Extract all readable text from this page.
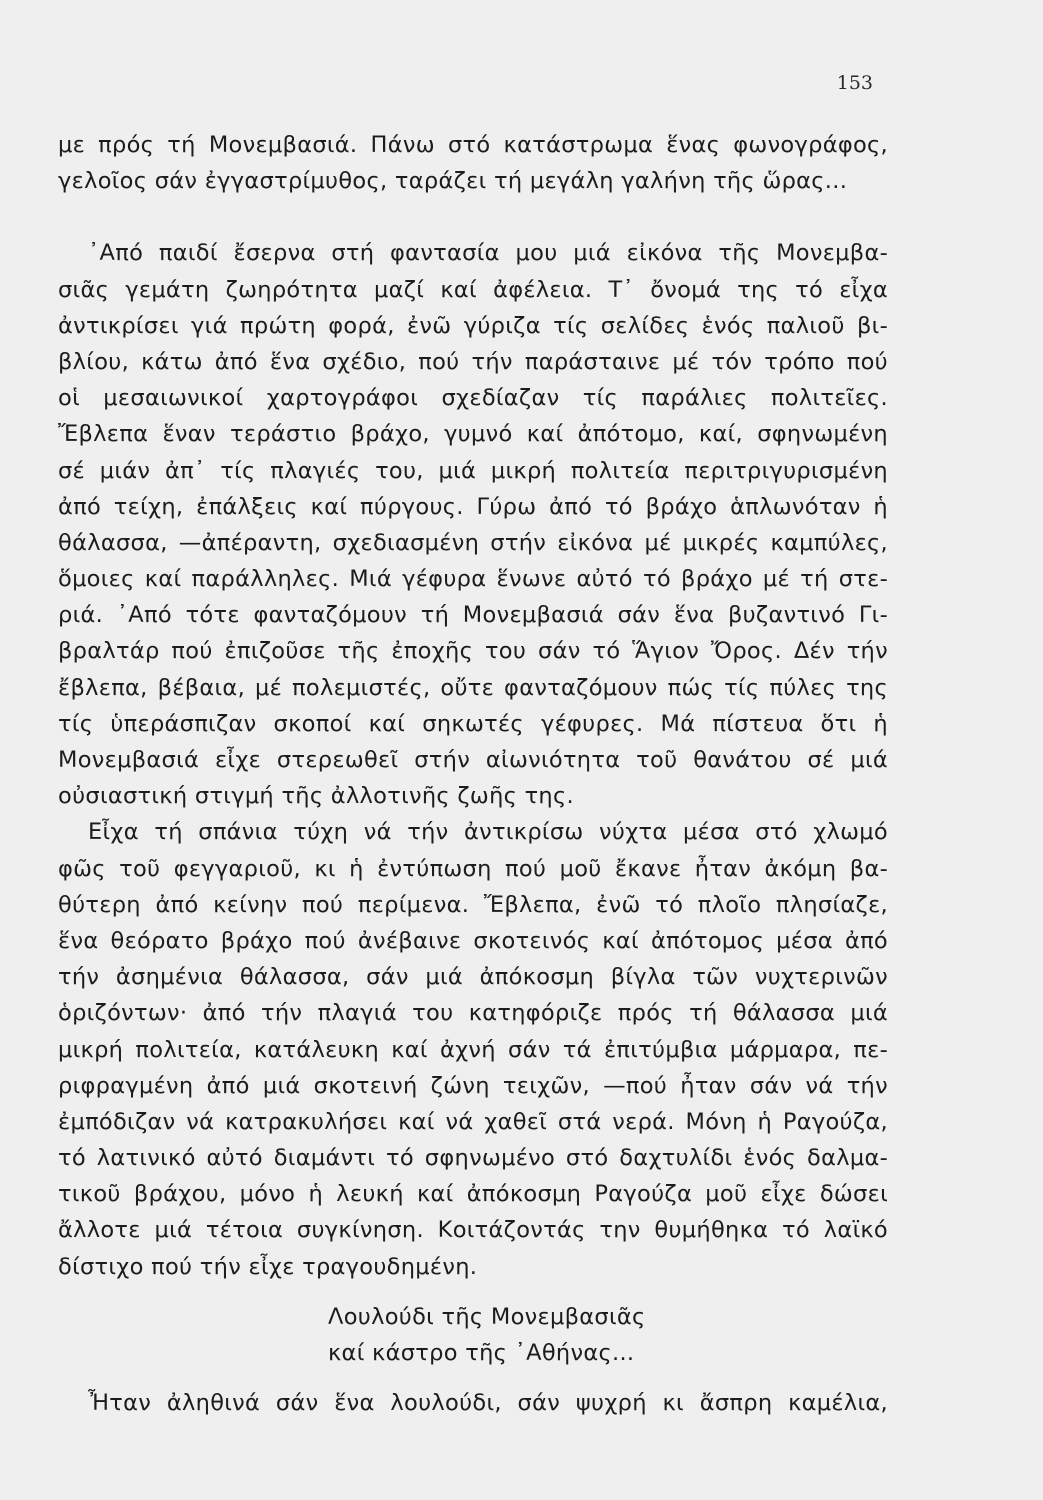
153
με πρός τή Μονεμβασιά. Πάνω στό κατάστρωμα ἕνας φωνογράφος,
γελοῖος σάν ἐγγαστρίμυθος, ταράζει τή μεγάλη γαλήνη τῆς ὥρας...
᾿Από παιδί ἔσερνα στή φαντασία μου μιά εἰκόνα τῆς Μονεμβα-
σιᾶς γεμάτη ζωηρότητα μαζί καί ἀφέλεια. Τ᾿ ὄνομά της τό εἶχα
ἀντικρίσει γιά πρώτη φορά, ἐνῶ γύριζα τίς σελίδες ἑνός παλιοῦ βι-
βλίου, κάτω ἀπό ἕνα σχέδιο, πού τήν παράσταινε μέ τόν τρόπο πού
οἱ μεσαιωνικοί χαρτογράφοι σχεδίαζαν τίς παράλιες πολιτεῖες.
Ἔβλεπα ἕναν τεράστιο βράχο, γυμνό καί ἀπότομο, καί, σφηνωμένη
σέ μιάν ἀπ᾿ τίς πλαγιές του, μιά μικρή πολιτεία περιτριγυρισμένη
ἀπό τείχη, ἐπάλξεις καί πύργους. Γύρω ἀπό τό βράχο ἁπλωνόταν ἡ
θάλασσα, —ἀπέραντη, σχεδιασμένη στήν εἰκόνα μέ μικρές καμπύλες,
ὅμοιες καί παράλληλες. Μιά γέφυρα ἕνωνε αὐτό τό βράχο μέ τή στε-
ριά. ᾿Από τότε φανταζόμουν τή Μονεμβασιά σάν ἕνα βυζαντινό Γι-
βραλτάρ πού ἐπιζοῦσε τῆς ἐποχῆς του σάν τό Ἅγιον Ὄρος. Δέν τήν
ἔβλεπα, βέβαια, μέ πολεμιστές, οὔτε φανταζόμουν πώς τίς πύλες της
τίς ὑπεράσπιζαν σκοποί καί σηκωτές γέφυρες. Μά πίστευα ὅτι ἡ
Μονεμβασιά εἶχε στερεωθεῖ στήν αἰωνιότητα τοῦ θανάτου σέ μιά
οὐσιαστική στιγμή τῆς ἀλλοτινῆς ζωῆς της.
Εἶχα τή σπάνια τύχη νά τήν ἀντικρίσω νύχτα μέσα στό χλωμό
φῶς τοῦ φεγγαριοῦ, κι ἡ ἐντύπωση πού μοῦ ἔκανε ἦταν ἀκόμη βα-
θύτερη ἀπό κείνην πού περίμενα. Ἔβλεπα, ἐνῶ τό πλοῖο πλησίαζε,
ἕνα θεόρατο βράχο πού ἀνέβαινε σκοτεινός καί ἀπότομος μέσα ἀπό
τήν ἀσημένια θάλασσα, σάν μιά ἀπόκοσμη βίγλα τῶν νυχτερινῶν
ὁριζόντων· ἀπό τήν πλαγιά του κατηφόριζε πρός τή θάλασσα μιά
μικρή πολιτεία, κατάλευκη καί ἀχνή σάν τά ἐπιτύμβια μάρμαρα, πε-
ριφραγμένη ἀπό μιά σκοτεινή ζώνη τειχῶν, —πού ἦταν σάν νά τήν
ἐμπόδιζαν νά κατρακυλήσει καί νά χαθεῖ στά νερά. Μόνη ἡ Ραγούζα,
τό λατινικό αὐτό διαμάντι τό σφηνωμένο στό δαχτυλίδι ἑνός δαλμα-
τικοῦ βράχου, μόνο ἡ λευκή καί ἀπόκοσμη Ραγούζα μοῦ εἶχε δώσει
ἄλλοτε μιά τέτοια συγκίνηση. Κοιτάζοντάς την θυμήθηκα τό λαϊκό
δίστιχο πού τήν εἶχε τραγουδημένη.
Λουλούδι τῆς Μονεμβασιᾶς
καί κάστρο τῆς ᾿Αθήνας...
Ἦταν ἀληθινά σάν ἕνα λουλούδι, σάν ψυχρή κι ἄσπρη καμέλια,
